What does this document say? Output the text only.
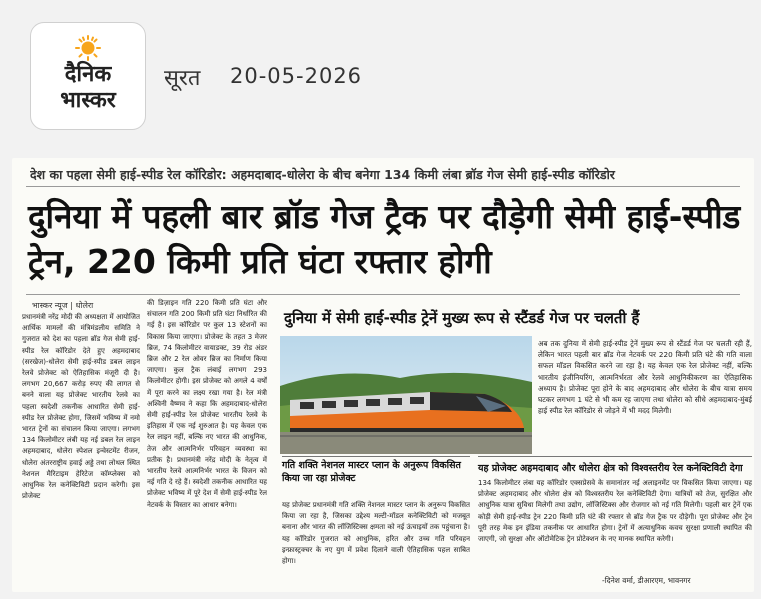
दैनिक
भास्कर
सूरत 20-05-2026
देश का पहला सेमी हाई-स्पीड रेल कॉरिडोर: अहमदाबाद-धोलेरा के बीच बनेगा 134 किमी लंबा ब्रॉड गेज सेमी हाई-स्पीड कॉरिडोर
दुनिया में पहली बार ब्रॉड गेज ट्रैक पर दौड़ेगी सेमी हाई-स्पीड ट्रेन, 220 किमी प्रति घंटा रफ्तार होगी
भास्कर न्यूज | धोलेरा
प्रधानमंत्री नरेंद्र मोदी की अध्यक्षता में आयोजित आर्थिक मामलों की मंत्रिमंडलीय समिति ने गुजरात को देश का पहला ब्रॉड गेज सेमी हाई-स्पीड रेल कॉरिडोर देते हुए अहमदाबाद (सरखेज)-धोलेरा सेमी हाई-स्पीड डबल लाइन रेलवे प्रोजेक्ट को ऐतिहासिक मंजूरी दी है। लगभग 20,667 करोड़ रुपए की लागत से बनने वाला यह प्रोजेक्ट भारतीय रेलवे का पहला स्वदेशी तकनीक आधारित सेमी हाई-स्पीड रेल प्रोजेक्ट होगा, जिसमें भविष्य में नमो भारत ट्रेनों का संचालन किया जाएगा। लगभग 134 किलोमीटर लंबी यह नई डबल रेल लाइन अहमदाबाद, धोलेरा स्पेशल इन्वेस्टमेंट रीजन, धोलेरा अंतरराष्ट्रीय हवाई अड्डे तथा लोथल स्थित नेशनल मैरिटाइम हेरिटेज कॉम्प्लेक्स को आधुनिक रेल कनेक्टिविटी प्रदान करेगी। इस प्रोजेक्ट
की डिज़ाइन गति 220 किमी प्रति घंटा और संचालन गति 200 किमी प्रति घंटा निर्धारित की गई है। इस कॉरिडोर पर कुल 13 स्टेशनों का विकास किया जाएगा। प्रोजेक्ट के तहत 3 मेजर ब्रिज, 74 किलोमीटर वायाडक्ट, 39 रोड अंडर ब्रिज और 2 रेल ओवर ब्रिज का निर्माण किया जाएगा। कुल ट्रैक लंबाई लगभग 293 किलोमीटर होगी। इस प्रोजेक्ट को अगले 4 वर्षों में पूरा करने का लक्ष्य रखा गया है। रेल मंत्री अश्विनी वैष्णव ने कहा कि अहमदाबाद-धोलेरा सेमी हाई-स्पीड रेल प्रोजेक्ट भारतीय रेलवे के इतिहास में एक नई शुरुआत है। यह केवल एक रेल लाइन नहीं, बल्कि नए भारत की आधुनिक, तेज और आत्मनिर्भर परिवहन व्यवस्था का प्रतीक है। प्रधानमंत्री नरेंद्र मोदी के नेतृत्व में भारतीय रेलवे आत्मनिर्भर भारत के विजन को नई गति दे रहे हैं। स्वदेशी तकनीक आधारित यह प्रोजेक्ट भविष्य में पूरे देश में सेमी हाई-स्पीड रेल नेटवर्क के विस्तार का आधार बनेगा।
दुनिया में सेमी हाई-स्पीड ट्रेनें मुख्य रूप से स्टैंडर्ड गेज पर चलती हैं
अब तक दुनिया में सेमी हाई-स्पीड ट्रेनें मुख्य रूप से स्टैंडर्ड गेज पर चलती रही हैं, लेकिन भारत पहली बार ब्रॉड गेज नेटवर्क पर 220 किमी प्रति घंटे की गति वाला सफल मॉडल विकसित करने जा रहा है। यह केवल एक रेल प्रोजेक्ट नहीं, बल्कि भारतीय इंजीनियरिंग, आत्मनिर्भरता और रेलवे आधुनिकीकरण का ऐतिहासिक अध्याय है। प्रोजेक्ट पूरा होने के बाद अहमदाबाद और धोलेरा के बीच यात्रा समय घटकर लगभग 1 घंटे से भी कम रह जाएगा तथा धोलेरा को सीधे अहमदाबाद-मुंबई हाई स्पीड रेल कॉरिडोर से जोड़ने में भी मदद मिलेगी।
गति शक्ति नेशनल मास्टर प्लान के अनुरूप विकसित किया जा रहा प्रोजेक्ट
यह प्रोजेक्ट प्रधानमंत्री गति शक्ति नेशनल मास्टर प्लान के अनुरूप विकसित किया जा रहा है, जिसका उद्देश्य मल्टी-मॉडल कनेक्टिविटी को मजबूत बनाना और भारत की लॉजिस्टिक्स क्षमता को नई ऊंचाइयों तक पहुंचाना है। यह कॉरिडोर गुजरात को आधुनिक, हरित और उच्च गति परिवहन इन्फ्रास्ट्रक्चर के नए युग में प्रवेश दिलाने वाली ऐतिहासिक पहल साबित होगा।
यह प्रोजेक्ट अहमदाबाद और धोलेरा क्षेत्र को विश्वस्तरीय रेल कनेक्टिविटी देगा
134 किलोमीटर लंबा यह कॉरिडोर एक्सप्रेसवे के समानांतर नई अलाइनमेंट पर विकसित किया जाएगा। यह प्रोजेक्ट अहमदाबाद और धोलेरा क्षेत्र को विश्वस्तरीय रेल कनेक्टिविटी देगा। यात्रियों को तेज, सुरक्षित और आधुनिक यात्रा सुविधा मिलेगी तथा उद्योग, लॉजिस्टिक्स और रोजगार को नई गति मिलेगी। पहली बार ट्रेनें एक कोड़ी सेमी हाई-स्पीड ट्रेन 220 किमी प्रति घंटे की रफ्तार से ब्रॉड गेज ट्रैक पर दौड़ेगी। पूरा प्रोजेक्ट और ट्रेन पूरी तरह मेक इन इंडिया तकनीक पर आधारित होगा। ट्रेनों में अत्याधुनिक कवच सुरक्षा प्रणाली स्थापित की जाएगी, जो सुरक्षा और ऑटोमेटिक ट्रेन प्रोटेक्शन के नए मानक स्थापित करेगी।
-दिनेश वर्मा, डीआरएम, भावनगर
